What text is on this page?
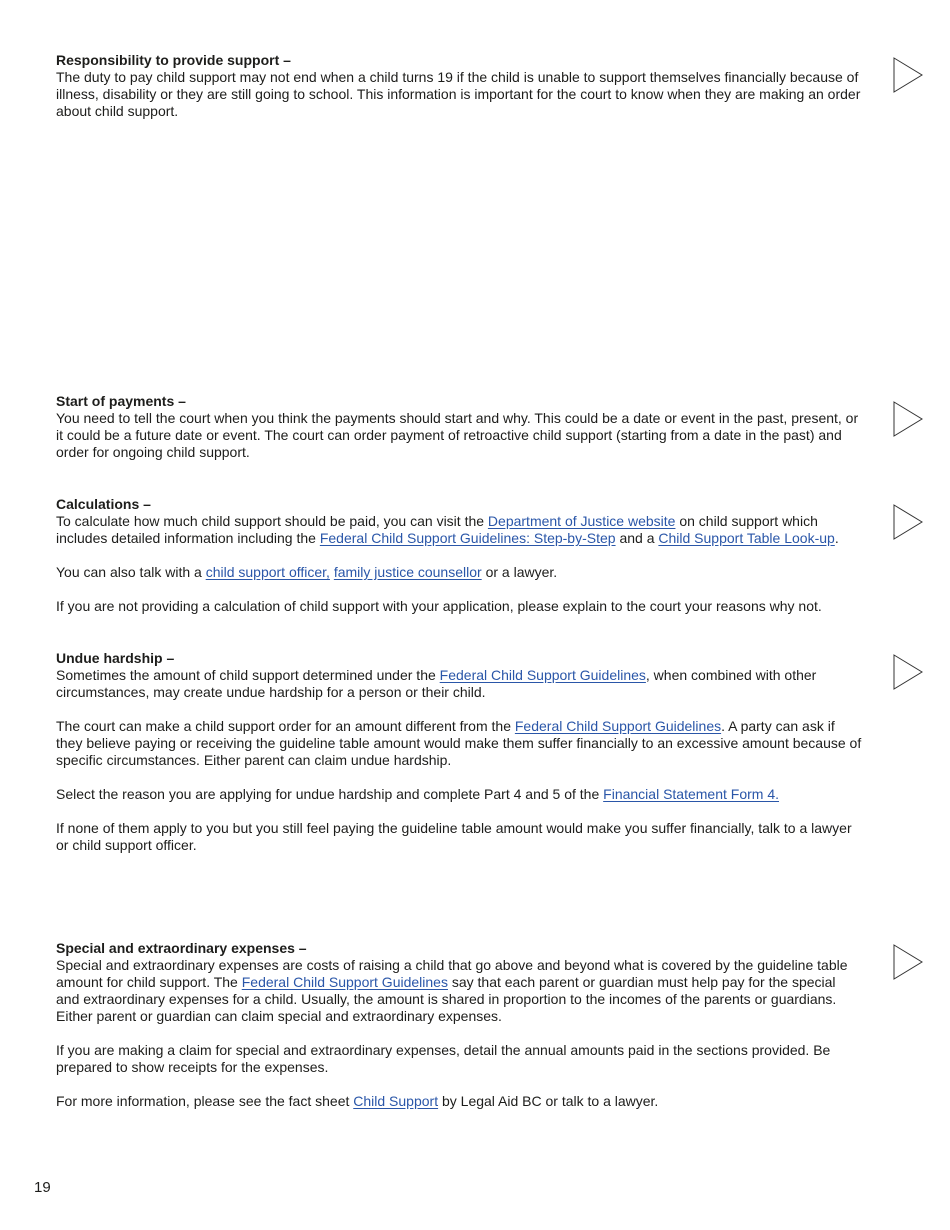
Responsibility to provide support –

The duty to pay child support may not end when a child turns 19 if the child is unable to support themselves financially because of illness, disability or they are still going to school. This information is important for the court to know when they are making an order about child support.

Start of payments –

You need to tell the court when you think the payments should start and why. This could be a date or event in the past, present, or it could be a future date or event. The court can order payment of retroactive child support (starting from a date in the past) and order for ongoing child support.

Calculations –

To calculate how much child support should be paid, you can visit the Department of Justice website on child support which includes detailed information including the Federal Child Support Guidelines: Step-by-Step and a Child Support Table Look-up.

You can also talk with a child support officer, family justice counsellor or a lawyer.

If you are not providing a calculation of child support with your application, please explain to the court your reasons why not.

Undue hardship –

Sometimes the amount of child support determined under the Federal Child Support Guidelines, when combined with other circumstances, may create undue hardship for a person or their child.

The court can make a child support order for an amount different from the Federal Child Support Guidelines. A party can ask if they believe paying or receiving the guideline table amount would make them suffer financially to an excessive amount because of specific circumstances. Either parent can claim undue hardship.

Select the reason you are applying for undue hardship and complete Part 4 and 5 of the Financial Statement Form 4.

If none of them apply to you but you still feel paying the guideline table amount would make you suffer financially, talk to a lawyer or child support officer.

Special and extraordinary expenses –

Special and extraordinary expenses are costs of raising a child that go above and beyond what is covered by the guideline table amount for child support. The Federal Child Support Guidelines say that each parent or guardian must help pay for the special and extraordinary expenses for a child. Usually, the amount is shared in proportion to the incomes of the parents or guardians. Either parent or guardian can claim special and extraordinary expenses.

If you are making a claim for special and extraordinary expenses, detail the annual amounts paid in the sections provided. Be prepared to show receipts for the expenses.

For more information, please see the fact sheet Child Support by Legal Aid BC or talk to a lawyer.

19
